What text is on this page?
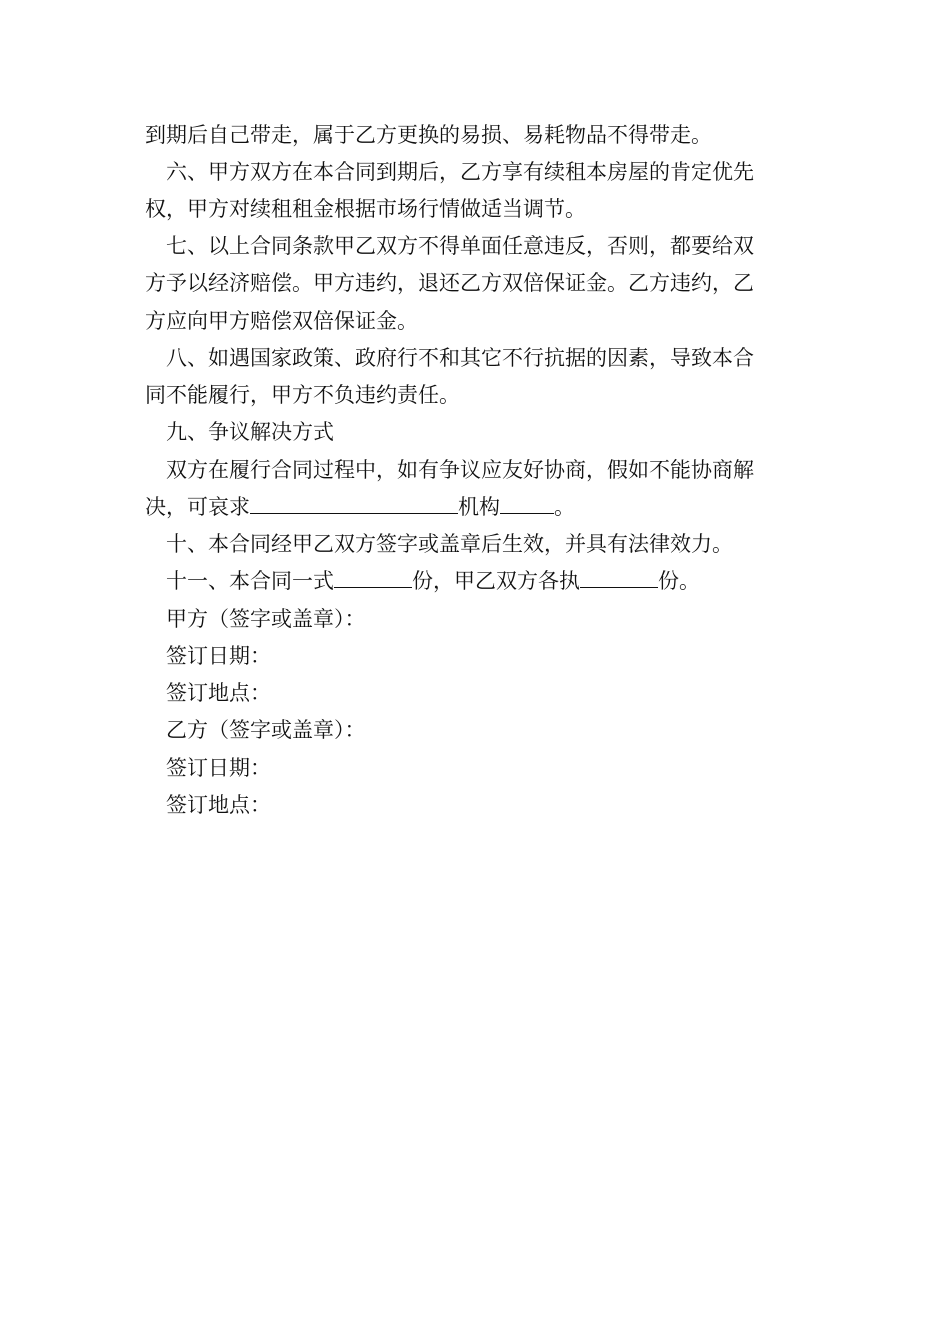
到期后自己带走，属于乙方更换的易损、易耗物品不得带走。
六、甲方双方在本合同到期后，乙方享有续租本房屋的肯定优先
权，甲方对续租租金根据市场行情做适当调节。
七、以上合同条款甲乙双方不得单面任意违反，否则，都要给双
方予以经济赔偿。甲方违约，退还乙方双倍保证金。乙方违约，乙
方应向甲方赔偿双倍保证金。
八、如遇国家政策、政府行不和其它不行抗据的因素，导致本合
同不能履行，甲方不负违约责任。
九、争议解决方式
双方在履行合同过程中，如有争议应友好协商，假如不能协商解
决，可哀求	机构	。
十、本合同经甲乙双方签字或盖章后生效，并具有法律效力。
十一、本合同一式	份，甲乙双方各执	份。
甲方（签字或盖章）：
签订日期：
签订地点：
乙方（签字或盖章）：
签订日期：
签订地点：
